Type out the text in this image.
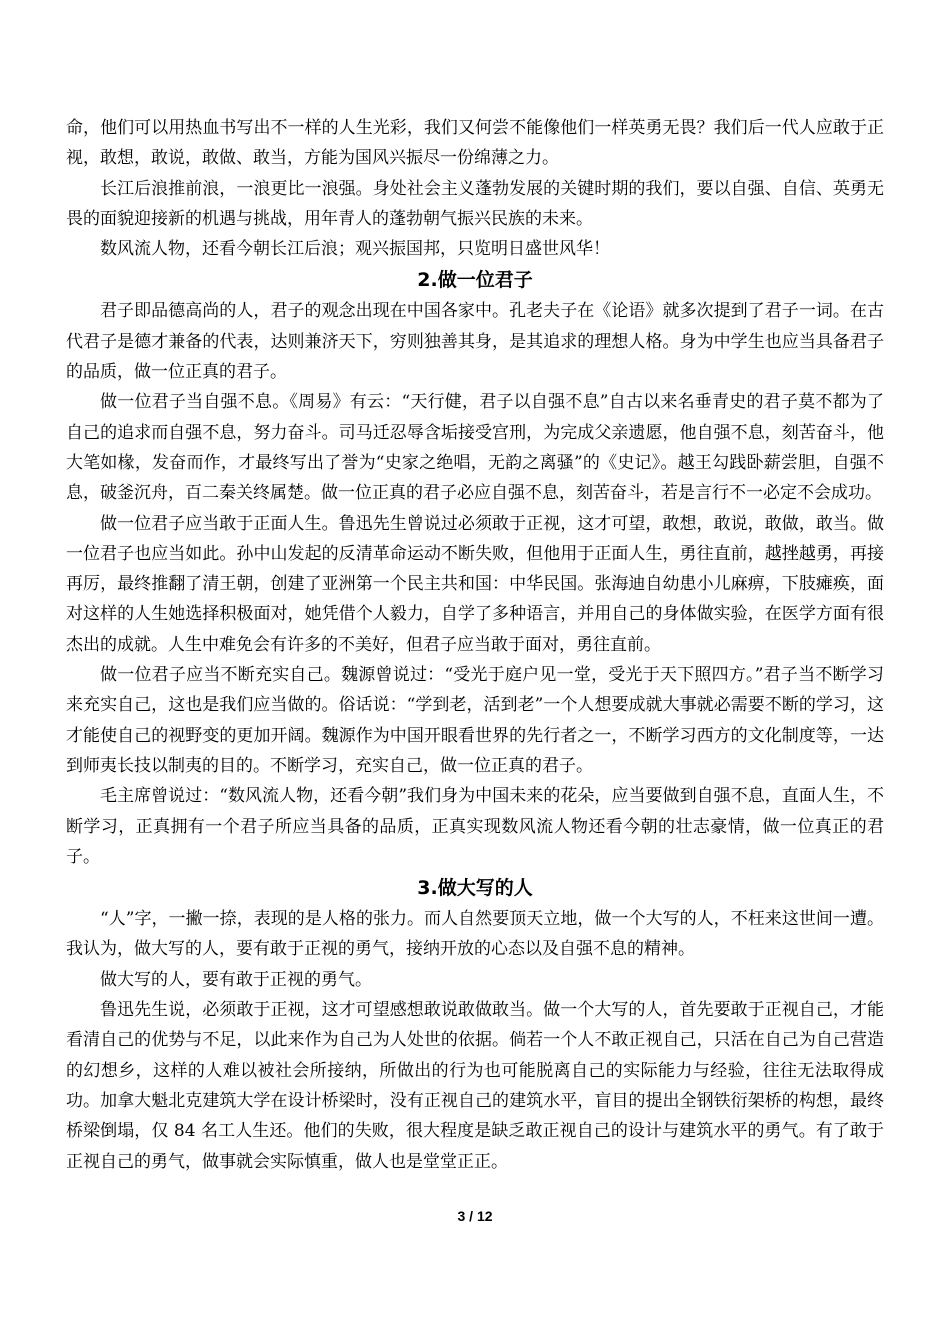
命，他们可以用热血书写出不一样的人生光彩，我们又何尝不能像他们一样英勇无畏？我们后一代人应敢于正视，敢想，敢说，敢做、敢当，方能为国风兴振尽一份绵薄之力。

长江后浪推前浪，一浪更比一浪强。身处社会主义蓬勃发展的关键时期的我们，要以自强、自信、英勇无畏的面貌迎接新的机遇与挑战，用年青人的蓬勃朝气振兴民族的未来。

数风流人物，还看今朝长江后浪；观兴振国邦，只览明日盛世风华！

2.做一位君子

君子即品德高尚的人，君子的观念出现在中国各家中。孔老夫子在《论语》就多次提到了君子一词。在古代君子是德才兼备的代表，达则兼济天下，穷则独善其身，是其追求的理想人格。身为中学生也应当具备君子的品质，做一位正真的君子。

做一位君子当自强不息。《周易》有云：“天行健，君子以自强不息”自古以来名垂青史的君子莫不都为了自己的追求而自强不息，努力奋斗。司马迁忍辱含垢接受宫刑，为完成父亲遗愿，他自强不息，刻苦奋斗，他大笔如椽，发奋而作，才最终写出了誉为“史家之绝唱，无韵之离骚”的《史记》。越王勾践卧薪尝胆，自强不息，破釜沉舟，百二秦关终属楚。做一位正真的君子必应自强不息，刻苦奋斗，若是言行不一必定不会成功。

做一位君子应当敢于正面人生。鲁迅先生曾说过必须敢于正视，这才可望，敢想，敢说，敢做，敢当。做一位君子也应当如此。孙中山发起的反清革命运动不断失败，但他用于正面人生，勇往直前，越挫越勇，再接再厉，最终推翻了清王朝，创建了亚洲第一个民主共和国：中华民国。张海迪自幼患小儿麻痹，下肢瘫痪，面对这样的人生她选择积极面对，她凭借个人毅力，自学了多种语言，并用自己的身体做实验，在医学方面有很杰出的成就。人生中难免会有许多的不美好，但君子应当敢于面对，勇往直前。

做一位君子应当不断充实自己。魏源曾说过：“受光于庭户见一堂，受光于天下照四方。”君子当不断学习来充实自己，这也是我们应当做的。俗话说：“学到老，活到老”一个人想要成就大事就必需要不断的学习，这才能使自己的视野变的更加开阔。魏源作为中国开眼看世界的先行者之一，不断学习西方的文化制度等，一达到师夷长技以制夷的目的。不断学习，充实自己，做一位正真的君子。

毛主席曾说过：“数风流人物，还看今朝”我们身为中国未来的花朵，应当要做到自强不息，直面人生，不断学习，正真拥有一个君子所应当具备的品质，正真实现数风流人物还看今朝的壮志豪情，做一位真正的君子。

3.做大写的人

“人”字，一撇一捺，表现的是人格的张力。而人自然要顶天立地，做一个大写的人，不枉来这世间一遭。我认为，做大写的人，要有敢于正视的勇气，接纳开放的心态以及自强不息的精神。

做大写的人，要有敢于正视的勇气。

鲁迅先生说，必须敢于正视，这才可望感想敢说敢做敢当。做一个大写的人，首先要敢于正视自己，才能看清自己的优势与不足，以此来作为自己为人处世的依据。倘若一个人不敢正视自己，只活在自己为自己营造的幻想乡，这样的人难以被社会所接纳，所做出的行为也可能脱离自己的实际能力与经验，往往无法取得成功。加拿大魁北克建筑大学在设计桥梁时，没有正视自己的建筑水平，盲目的提出全钢铁衍架桥的构想，最终桥梁倒塌，仅 84 名工人生还。他们的失败，很大程度是缺乏敢正视自己的设计与建筑水平的勇气。有了敢于正视自己的勇气，做事就会实际慎重，做人也是堂堂正正。

3 / 12
